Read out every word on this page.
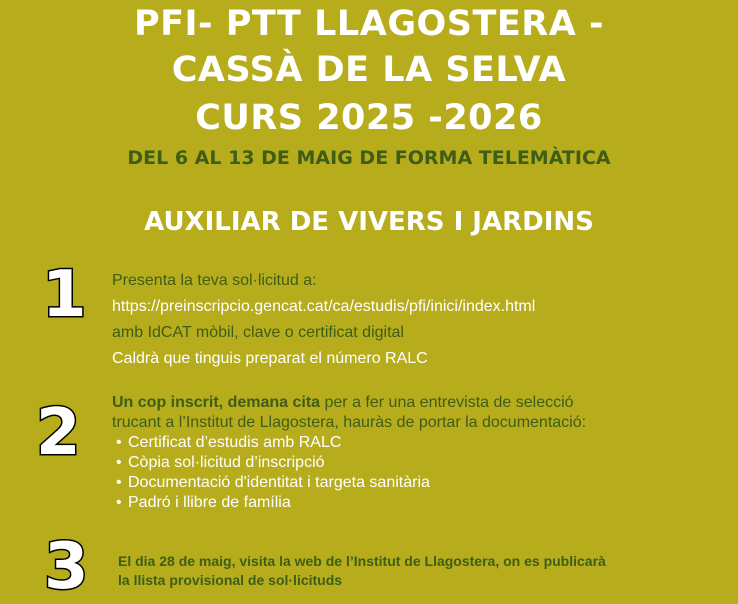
PFI- PTT LLAGOSTERA -
CASSÀ DE LA SELVA
CURS 2025 -2026
DEL 6 AL 13 DE MAIG DE FORMA TELEMÀTICA
AUXILIAR DE VIVERS I JARDINS
1 Presenta la teva sol·licitud a:
https://preinscripcio.gencat.cat/ca/estudis/pfi/inici/index.html
amb IdCAT mòbil, clave o certificat digital
Caldrà que tinguis preparat el número RALC
2 Un cop inscrit, demana cita per a fer una entrevista de selecció
trucant a l’Institut de Llagostera, hauràs de portar la documentació:
• Certificat d’estudis amb RALC
• Còpia sol·licitud d’inscripció
• Documentació d'identitat i targeta sanitària
• Padró i llibre de família
3 El dia 28 de maig, visita la web de l’Institut de Llagostera, on es publicarà
la llista provisional de sol·licituds
